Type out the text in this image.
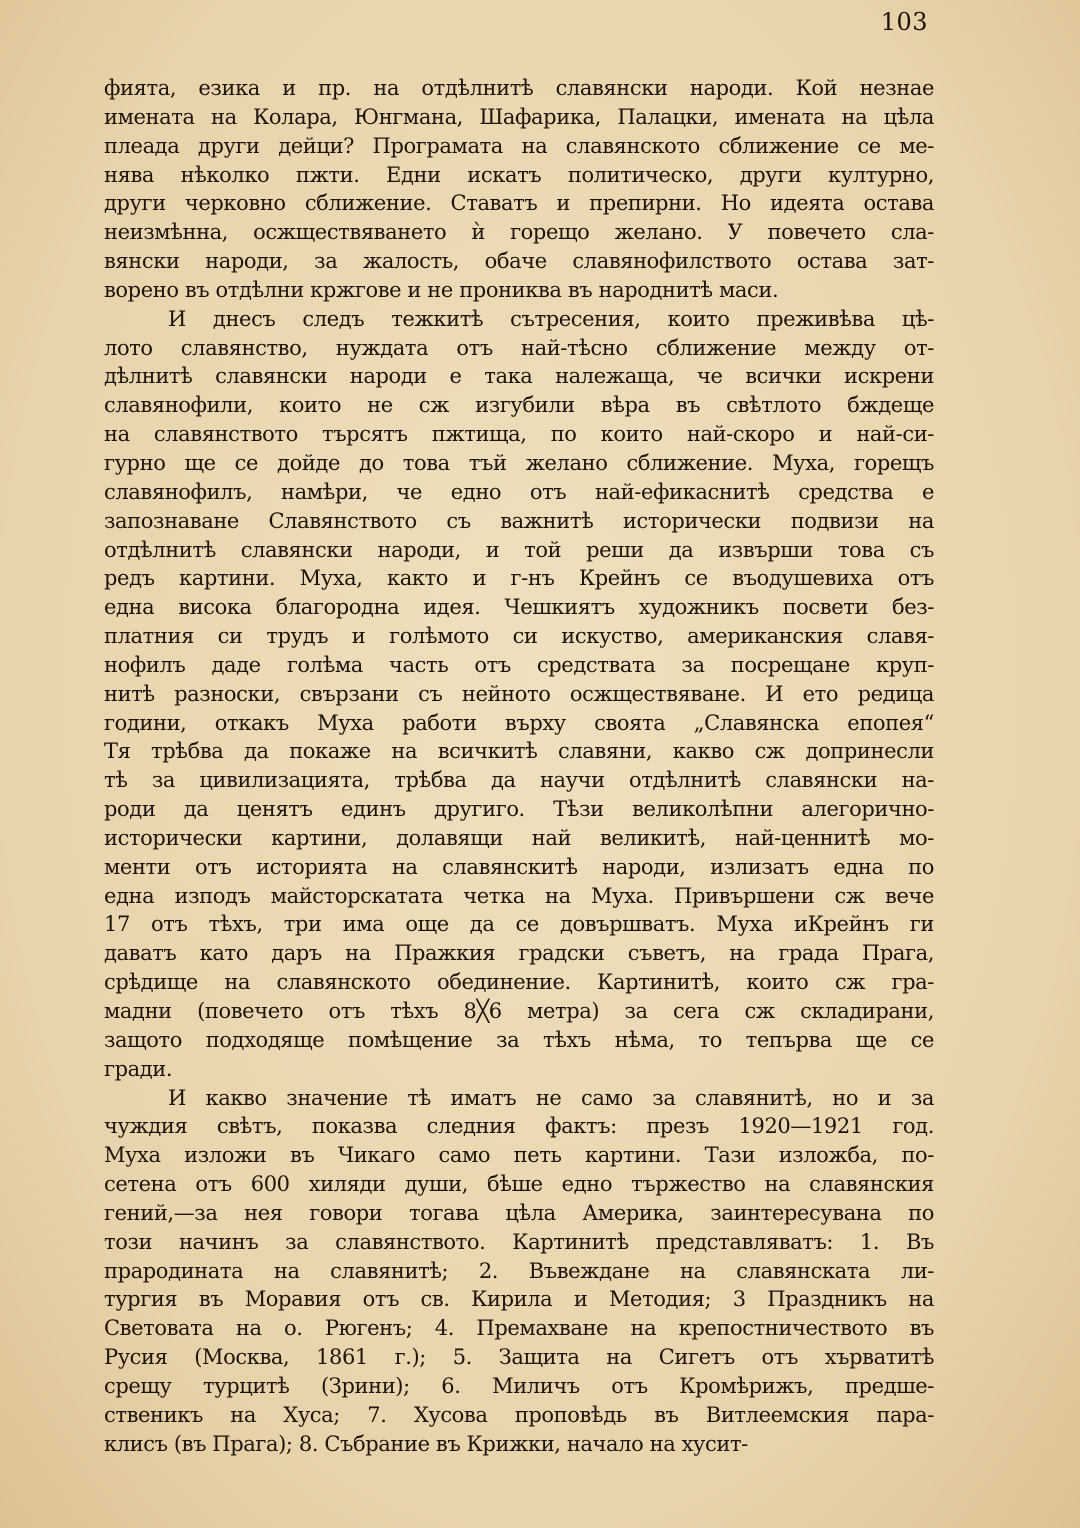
103
фията, езика и пр. на отдѣлнитѣ славянски народи. Кой незнае
имената на Колара, Юнгмана, Шафарика, Палацки, имената на цѣла
плеада други дейци? Програмата на славянското сближение се ме-
нява нѣколко пжти. Едни искатъ политическо, други културно,
други черковно сближение. Ставатъ и препирни. Но идеята остава
неизмѣнна, осжществяването ѝ горещо желано. У повечето сла-
вянски народи, за жалость, обаче славянофилството остава зат-
ворено въ отдѣлни кржгове и не прониква въ народнитѣ маси.
И днесъ следъ тежкитѣ сътресения, които преживѣва цѣ-
лото славянство, нуждата отъ най-тѣсно сближение между от-
дѣлнитѣ славянски народи е така належаща, че всички искрени
славянофили, които не сж изгубили вѣра въ свѣтлото бждеще
на славянството търсятъ пжтища, по които най-скоро и най-си-
гурно ще се дойде до това тъй желано сближение. Муха, горещъ
славянофилъ, намѣри, че едно отъ най-ефикаснитѣ средства е
запознаване Славянството съ важнитѣ исторически подвизи на
отдѣлнитѣ славянски народи, и той реши да извърши това съ
редъ картини. Муха, както и г-нъ Крейнъ се въодушевиха отъ
една висока благородна идея. Чешкиятъ художникъ посвети без-
платния си трудъ и голѣмото си искуство, американския славя-
нофилъ даде голѣма часть отъ средствата за посрещане круп-
нитѣ разноски, свързани съ нейното осжществяване. И ето редица
години, откакъ Муха работи върху своята „Славянска епопея“
Тя трѣбва да покаже на всичкитѣ славяни, какво сж допринесли
тѣ за цивилизацията, трѣбва да научи отдѣлнитѣ славянски на-
роди да ценятъ единъ другиго. Тѣзи великолѣпни алегорично-
исторически картини, долавящи най великитѣ, най-ценнитѣ мо-
менти отъ историята на славянскитѣ народи, излизатъ една по
една изподъ майсторскатата четка на Муха. Привършени сж вече
17 отъ тѣхъ, три има още да се довършватъ. Муха иКрейнъ ги
даватъ като даръ на Пражкия градски съветъ, на града Прага,
срѣдище на славянското обединение. Картинитѣ, които сж гра-
мадни (повечето отъ тѣхъ 8╳6 метра) за сега сж складирани,
защото подходяще помѣщение за тѣхъ нѣма, то тепърва ще се
гради.
И какво значение тѣ иматъ не само за славянитѣ, но и за
чуждия свѣтъ, показва следния фактъ: презъ 1920—1921 год.
Муха изложи въ Чикаго само петь картини. Тази изложба, по-
сетена отъ 600 хиляди души, бѣше едно тържество на славянския
гений,—за нея говори тогава цѣла Америка, заинтересувана по
този начинъ за славянството. Картинитѣ представляватъ: 1. Въ
прародината на славянитѣ; 2. Въвеждане на славянската ли-
тургия въ Моравия отъ св. Кирила и Методия; 3 Праздникъ на
Световата на о. Рюгенъ; 4. Премахване на крепостничеството въ
Русия (Москва, 1861 г.); 5. Защита на Сигетъ отъ хърватитѣ
срещу турцитѣ (Зрини); 6. Миличъ отъ Кромѣрижъ, предше-
ственикъ на Хуса; 7. Хусова проповѣдь въ Витлеемския пара-
клисъ (въ Прага); 8. Събрание въ Крижки, начало на хусит-
